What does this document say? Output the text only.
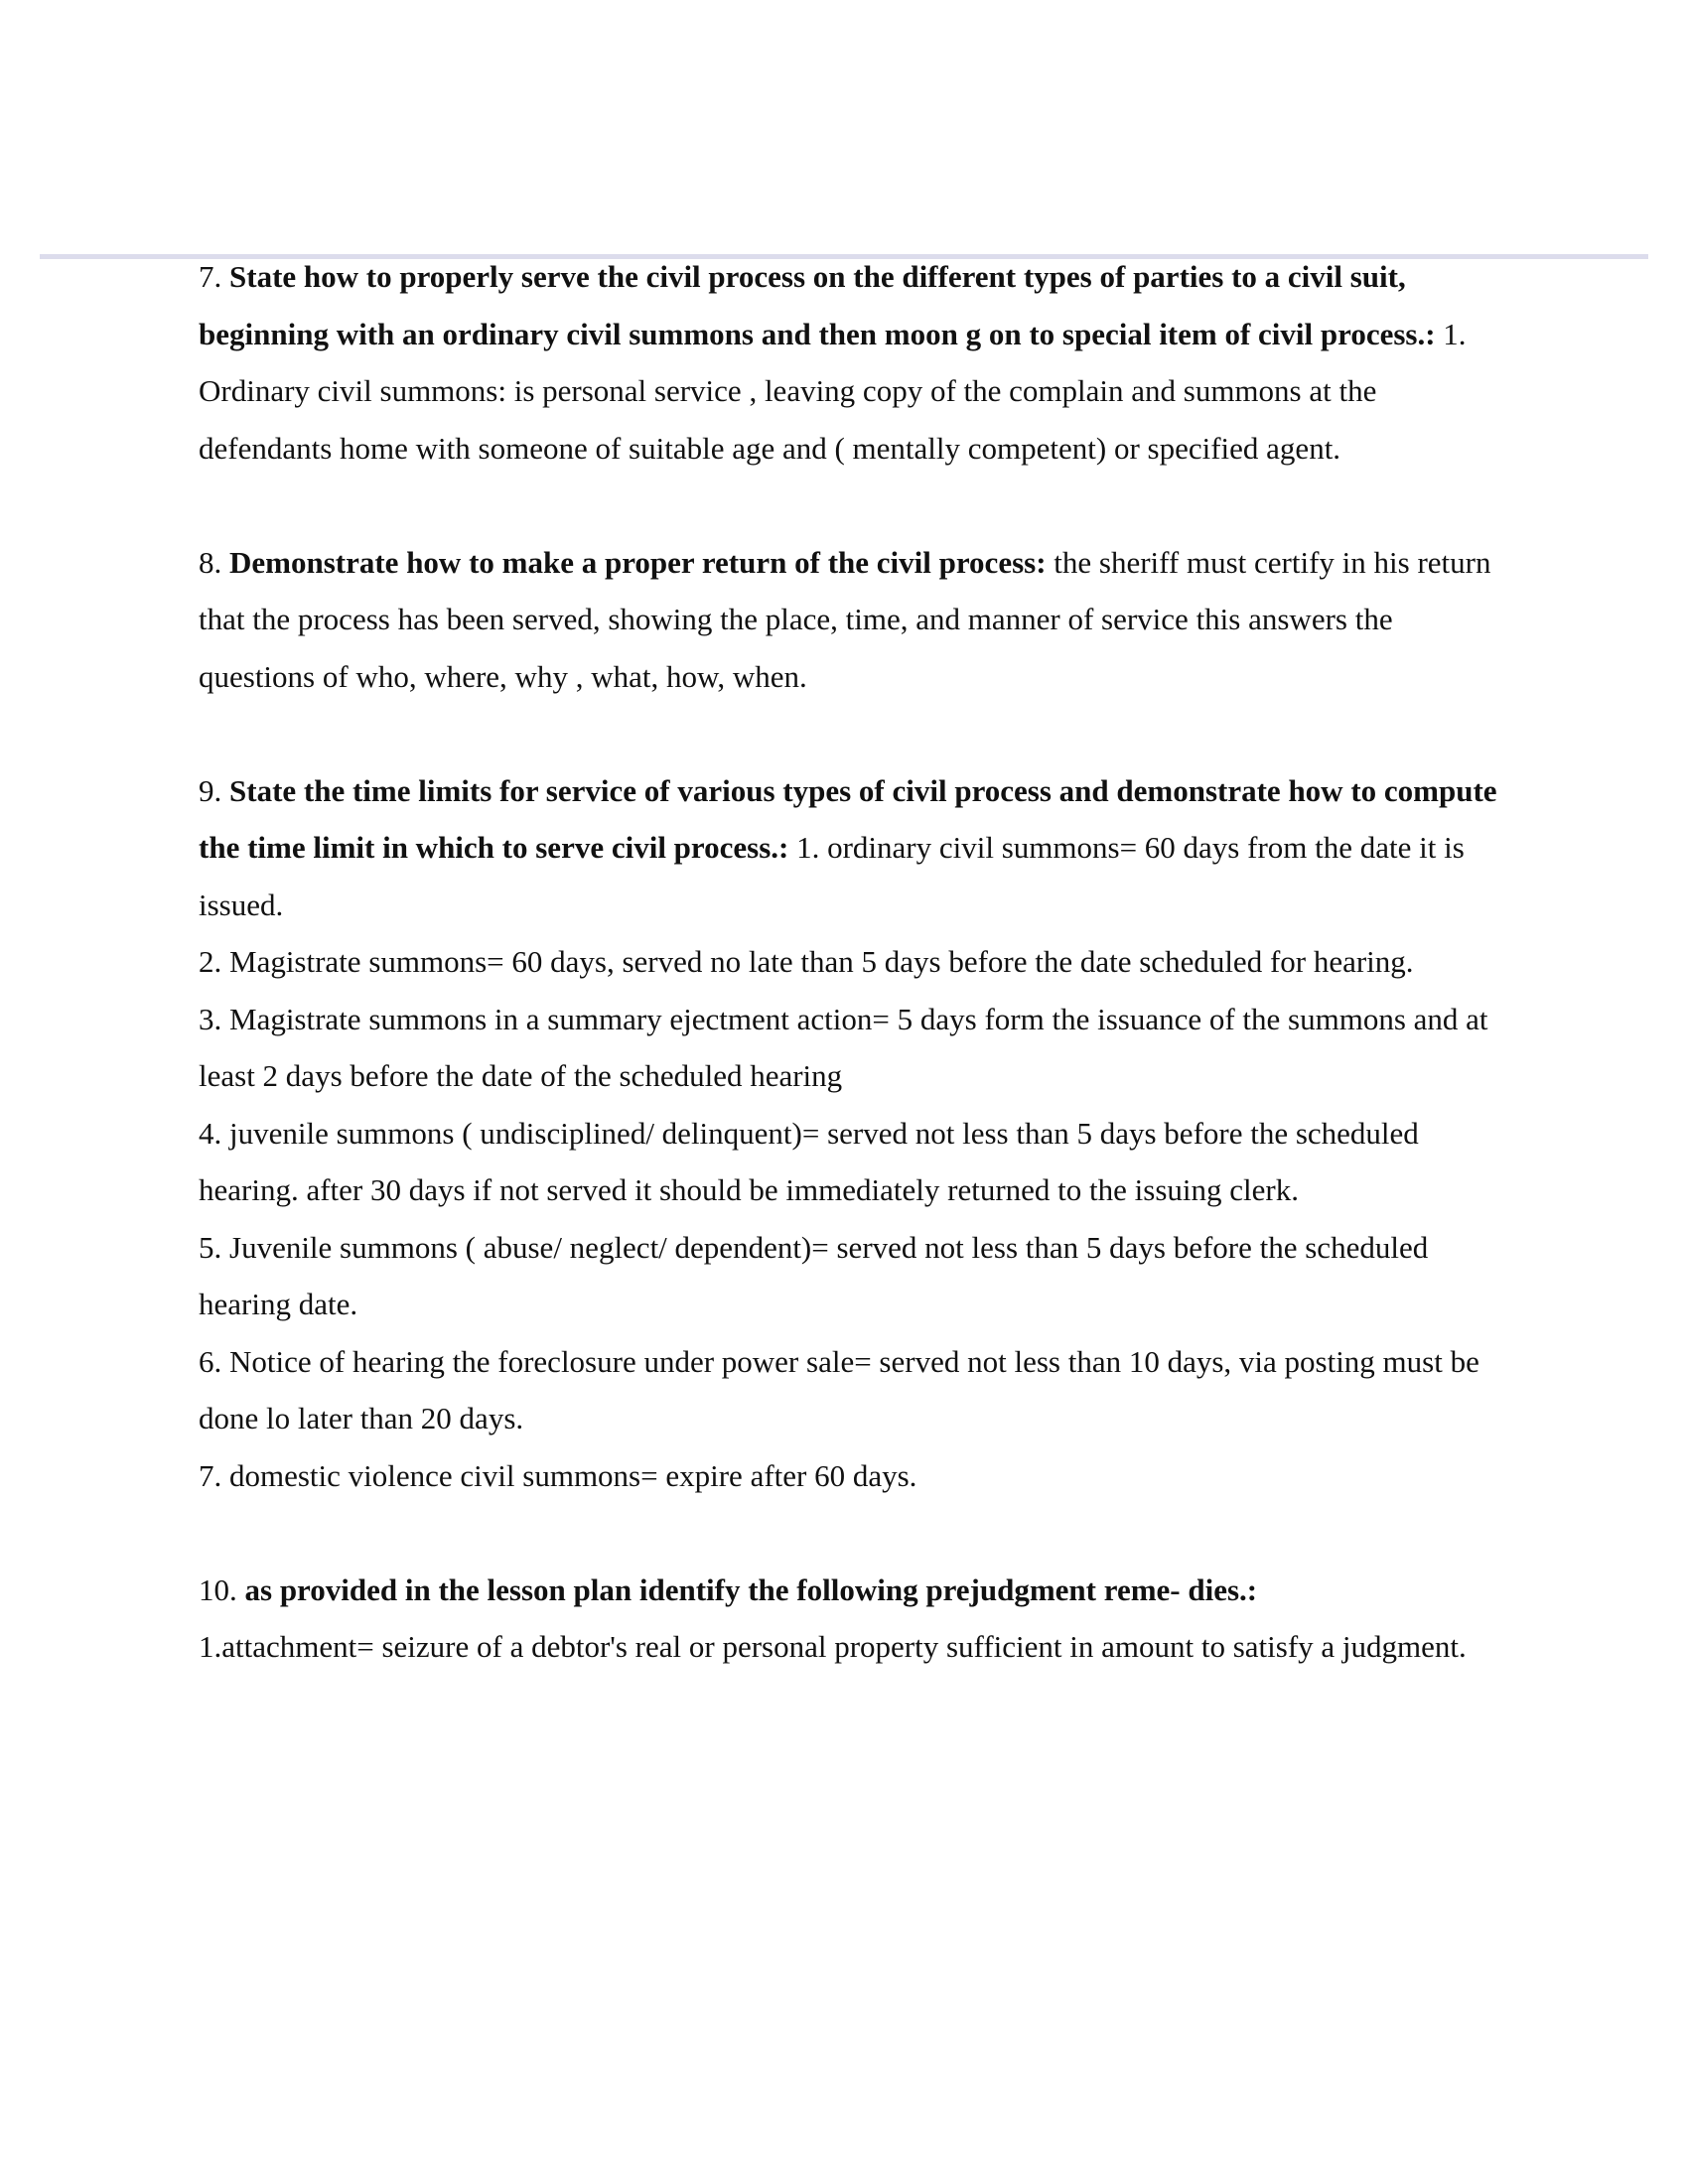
7. State how to properly serve the civil process on the different types of parties to a civil suit, beginning with an ordinary civil summons and then moon g on to special item of civil process.: 1. Ordinary civil summons: is personal service , leaving copy of the complain and summons at the defendants home with someone of suitable age and ( mentally competent) or specified agent.

8. Demonstrate how to make a proper return of the civil process: the sheriff must certify in his return that the process has been served, showing the place, time, and manner of service this answers the questions of who, where, why , what, how, when.

9. State the time limits for service of various types of civil process and demonstrate how to compute the time limit in which to serve civil process.: 1. ordinary civil summons= 60 days from the date it is issued.

2. Magistrate summons= 60 days, served no late than 5 days before the date scheduled for hearing.

3. Magistrate summons in a summary ejectment action= 5 days form the issuance of the summons and at least 2 days before the date of the scheduled hearing

4. juvenile summons ( undisciplined/ delinquent)= served not less than 5 days before the scheduled hearing. after 30 days if not served it should be immediately returned to the issuing clerk.

5. Juvenile summons ( abuse/ neglect/ dependent)= served not less than 5 days before the scheduled hearing date.

6. Notice of hearing the foreclosure under power sale= served not less than 10 days, via posting must be done lo later than 20 days.

7. domestic violence civil summons= expire after 60 days.

10. as provided in the lesson plan identify the following prejudgment reme- dies.:

1.attachment= seizure of a debtor's real or personal property sufficient in amount to satisfy a judgment.
